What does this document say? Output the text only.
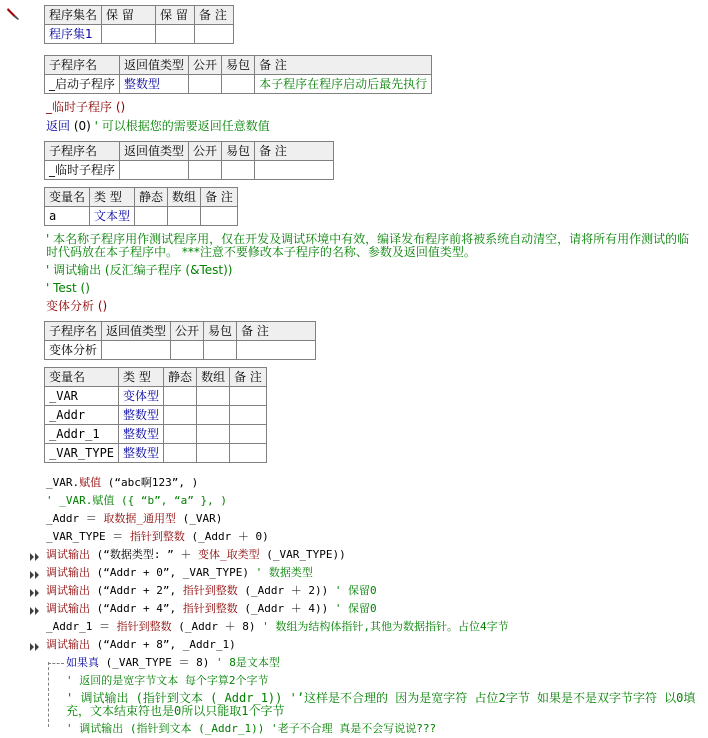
程序集名	保 留	保 留	备 注
程序集1			
子程序名	返回值类型	公开	易包	备 注
_启动子程序	整数型			本子程序在程序启动后最先执行
_临时子程序 ()
返回 (0) ' 可以根据您的需要返回任意数值
子程序名	返回值类型	公开	易包	备 注
_临时子程序				
变量名	类 型	静态	数组	备 注
a	文本型			
' 本名称子程序用作测试程序用，仅在开发及调试环境中有效，编译发布程序前将被系统自动清空，请将所有用作测试的临时代码放在本子程序中。 ***注意不要修改本子程序的名称、参数及返回值类型。
' 调试输出 (反汇编子程序 (&Test))
' Test ()
变体分析 ()
子程序名	返回值类型	公开	易包	备 注
变体分析				
变量名	类 型	静态	数组	备 注
_VAR	变体型			
_Addr	整数型			
_Addr_1	整数型			
_VAR_TYPE	整数型			
_VAR.赋值 (“abc啊123”, )
' _VAR.赋值 ({ “b”, “a” }, )
_Addr ＝ 取数据_通用型 (_VAR)
_VAR_TYPE ＝ 指针到整数 (_Addr ＋ 0)
调试输出 (“数据类型: ” ＋ 变体_取类型 (_VAR_TYPE))
调试输出 (“Addr + 0”, _VAR_TYPE) ' 数据类型
调试输出 (“Addr + 2”, 指针到整数 (_Addr ＋ 2)) ' 保留0
调试输出 (“Addr + 4”, 指针到整数 (_Addr ＋ 4)) ' 保留0
_Addr_1 ＝ 指针到整数 (_Addr ＋ 8) ' 数组为结构体指针,其他为数据指针。占位4字节
调试输出 (“Addr + 8”, _Addr_1)
如果真 (_VAR_TYPE ＝ 8) ' 8是文本型
' 返回的是宽字节文本 每个字算2个字节
' 调试输出 (指针到文本 (_Addr_1)) 'ʼ这样是不合理的 因为是宽字符 占位2字节 如果是不是双字节字符 以0填充，文本结束符也是0所以只能取1个字节
' 调试输出 (指针到文本 (_Addr_1)) '老子不合理 真是不会写说说???
